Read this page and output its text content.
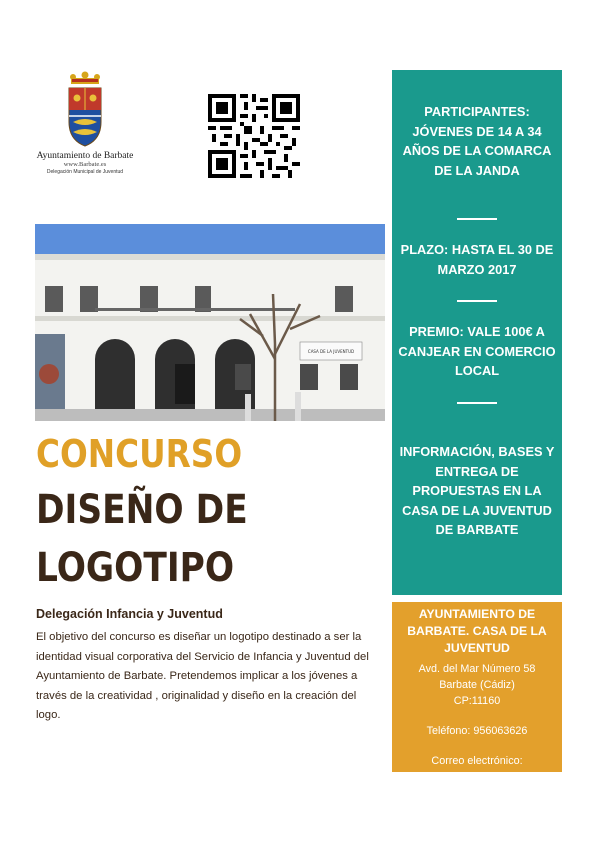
Ayuntamiento de Barbate
www.Barbate.es
Delegación Municipal de Juventud
CASA DE LA JUVENTUD
CONCURSO
DISEÑO DE
LOGOTIPO
Delegación Infancia y Juventud
El objetivo del concurso es diseñar un logotipo destinado a ser la identidad visual corporativa del Servicio de Infancia y Juventud del Ayuntamiento de Barbate. Pretendemos implicar a los jóvenes a través de la creatividad , originalidad y diseño en la creación del logo.
PARTICIPANTES: JÓVENES DE 14 A 34 AÑOS DE LA COMARCA DE LA JANDA
PLAZO: HASTA EL 30 DE MARZO 2017
PREMIO: VALE 100€ A CANJEAR EN COMERCIO LOCAL
INFORMACIÓN, BASES Y ENTREGA DE PROPUESTAS EN LA CASA DE LA JUVENTUD DE BARBATE
AYUNTAMIENTO DE BARBATE. CASA DE LA JUVENTUD
Avd. del Mar Número 58
Barbate (Cádiz)
CP:11160
Teléfono: 956063626
Correo electrónico:
juventud@barbate.es
